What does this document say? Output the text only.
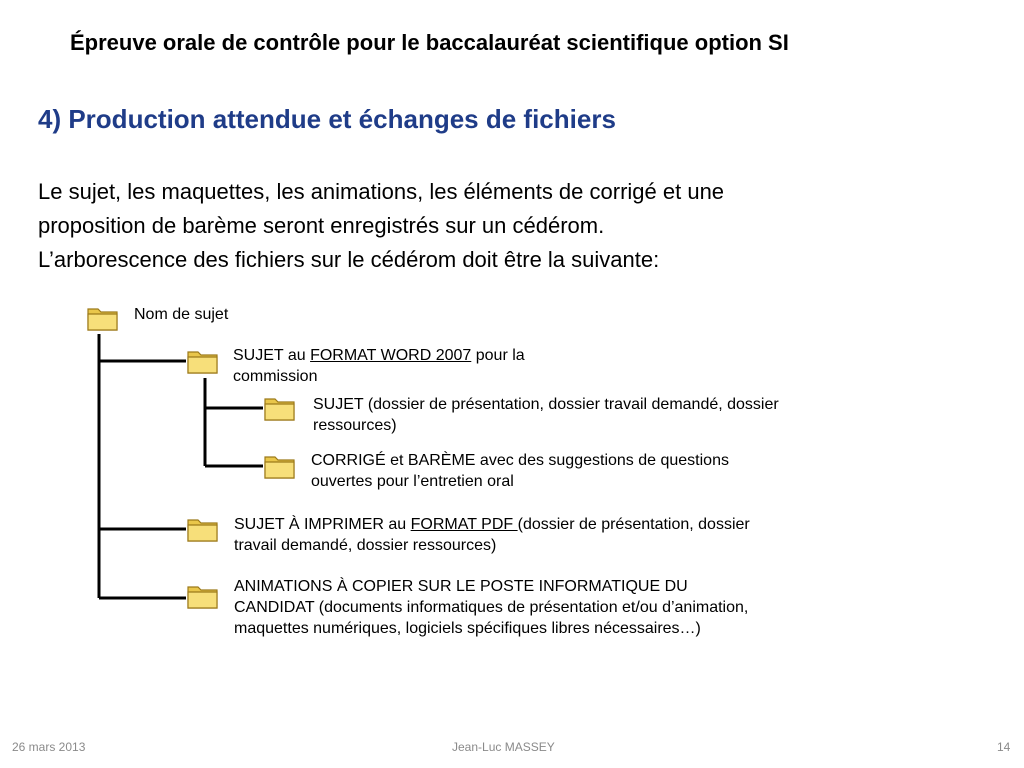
Épreuve orale de contrôle pour le baccalauréat scientifique option SI
4) Production attendue et échanges de fichiers
Le sujet, les maquettes, les animations, les éléments de corrigé et une
proposition de barème seront enregistrés sur un cédérom.
L’arborescence des fichiers sur le cédérom doit être la suivante:
Nom de sujet
SUJET au FORMAT WORD 2007 pour la
commission
SUJET (dossier de présentation, dossier travail demandé, dossier
ressources)
CORRIGÉ et BARÈME avec des suggestions de questions
ouvertes pour l’entretien oral
SUJET À IMPRIMER au FORMAT PDF (dossier de présentation, dossier
travail demandé, dossier ressources)
ANIMATIONS À COPIER SUR LE POSTE INFORMATIQUE DU
CANDIDAT (documents informatiques de présentation et/ou d’animation,
maquettes numériques, logiciels spécifiques libres nécessaires…)
26 mars 2013	Jean-Luc MASSEY	14
